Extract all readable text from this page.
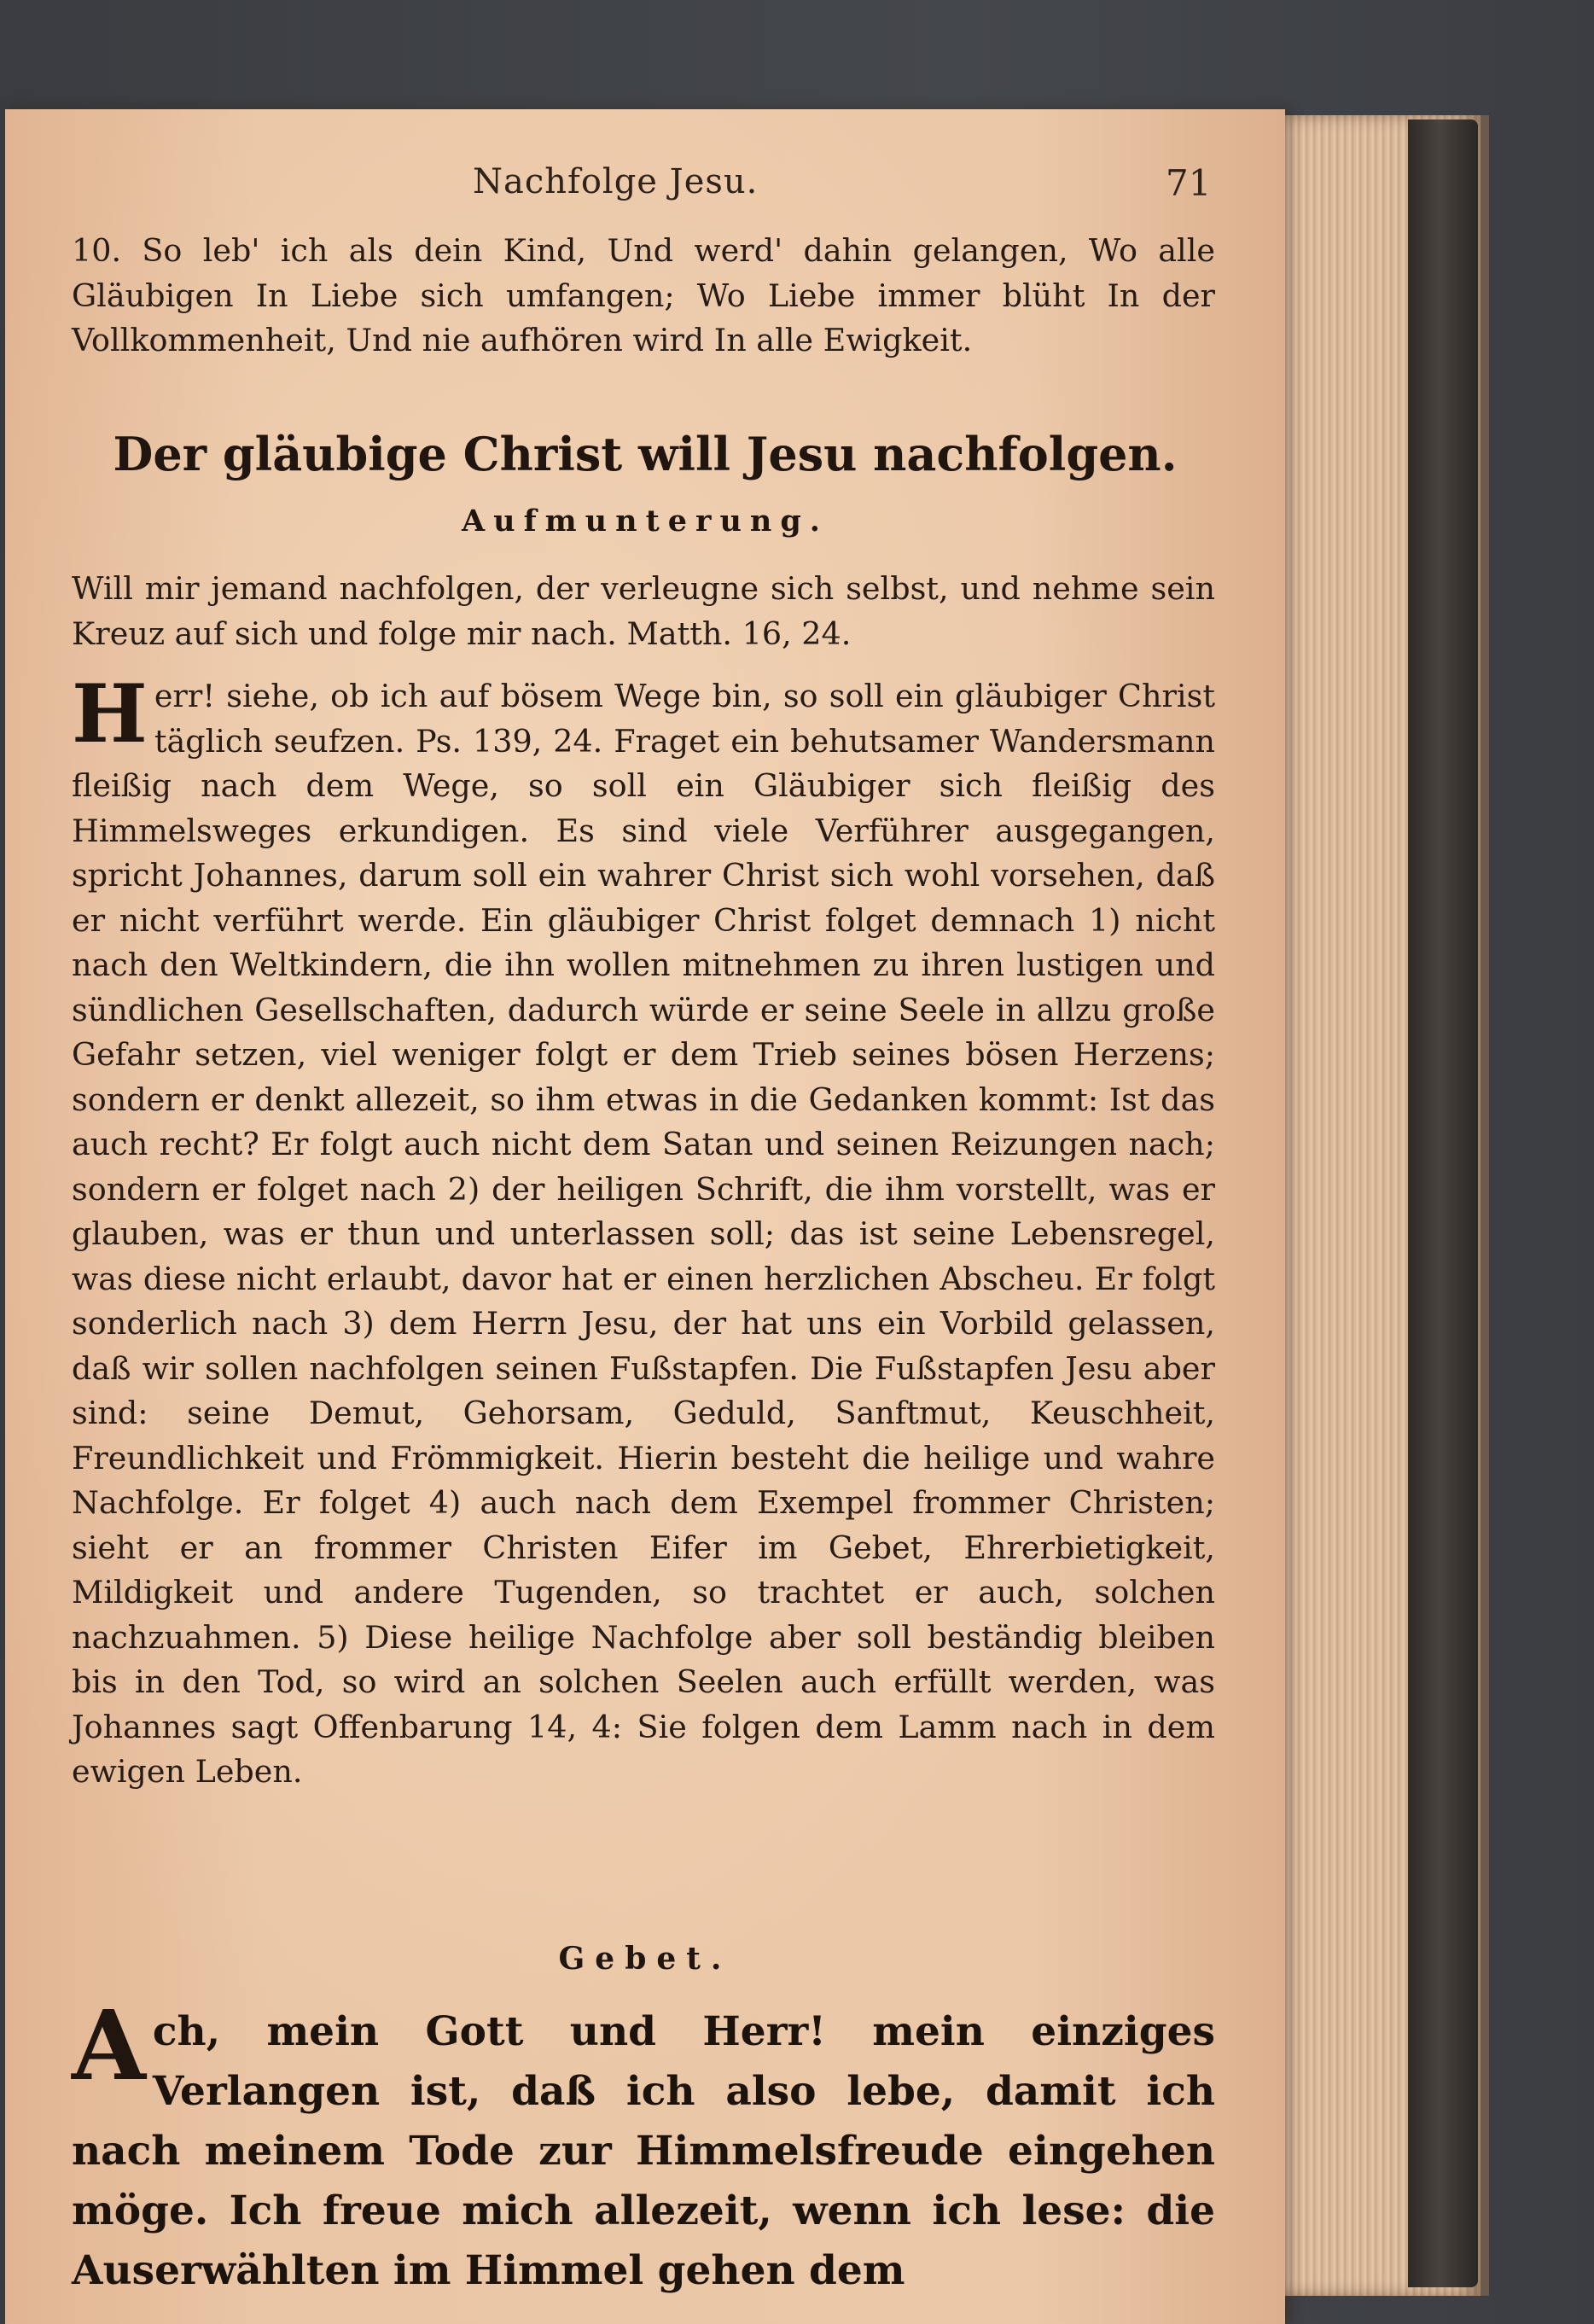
Nachfolge Jesu.	71

10. So leb' ich als dein Kind, Und werd' dahin gelangen, Wo alle Gläubigen In Liebe sich umfangen; Wo Liebe immer blüht In der Vollkommenheit, Und nie aufhören wird In alle Ewigkeit.

Der gläubige Christ will Jesu nachfolgen.
Aufmunterung.

Will mir jemand nachfolgen, der verleugne sich selbst, und nehme sein Kreuz auf sich und folge mir nach. Matth. 16, 24.

Herr! siehe, ob ich auf bösem Wege bin, so soll ein gläubiger Christ täglich seufzen. Ps. 139, 24. Fraget ein behutsamer Wandersmann fleißig nach dem Wege, so soll ein Gläubiger sich fleißig des Himmelsweges erkundigen. Es sind viele Verführer ausgegangen, spricht Johannes, darum soll ein wahrer Christ sich wohl vorsehen, daß er nicht verführt werde. Ein gläubiger Christ folget demnach 1) nicht nach den Weltkindern, die ihn wollen mitnehmen zu ihren lustigen und sündlichen Gesellschaften, dadurch würde er seine Seele in allzu große Gefahr setzen, viel weniger folgt er dem Trieb seines bösen Herzens; sondern er denkt allezeit, so ihm etwas in die Gedanken kommt: Ist das auch recht? Er folgt auch nicht dem Satan und seinen Reizungen nach; sondern er folget nach 2) der heiligen Schrift, die ihm vorstellt, was er glauben, was er thun und unterlassen soll; das ist seine Lebensregel, was diese nicht erlaubt, davor hat er einen herzlichen Abscheu. Er folgt sonderlich nach 3) dem Herrn Jesu, der hat uns ein Vorbild gelassen, daß wir sollen nachfolgen seinen Fußstapfen. Die Fußstapfen Jesu aber sind: seine Demut, Gehorsam, Geduld, Sanftmut, Keuschheit, Freundlichkeit und Frömmigkeit. Hierin besteht die heilige und wahre Nachfolge. Er folget 4) auch nach dem Exempel frommer Christen; sieht er an frommer Christen Eifer im Gebet, Ehrerbietigkeit, Mildigkeit und andere Tugenden, so trachtet er auch, solchen nachzuahmen. 5) Diese heilige Nachfolge aber soll beständig bleiben bis in den Tod, so wird an solchen Seelen auch erfüllt werden, was Johannes sagt Offenbarung 14, 4: Sie folgen dem Lamm nach in dem ewigen Leben.

Gebet.

Ach, mein Gott und Herr! mein einziges Verlangen ist, daß ich also lebe, damit ich nach meinem Tode zur Himmelsfreude eingehen möge. Ich freue mich allezeit, wenn ich lese: die Auserwählten im Himmel gehen dem
